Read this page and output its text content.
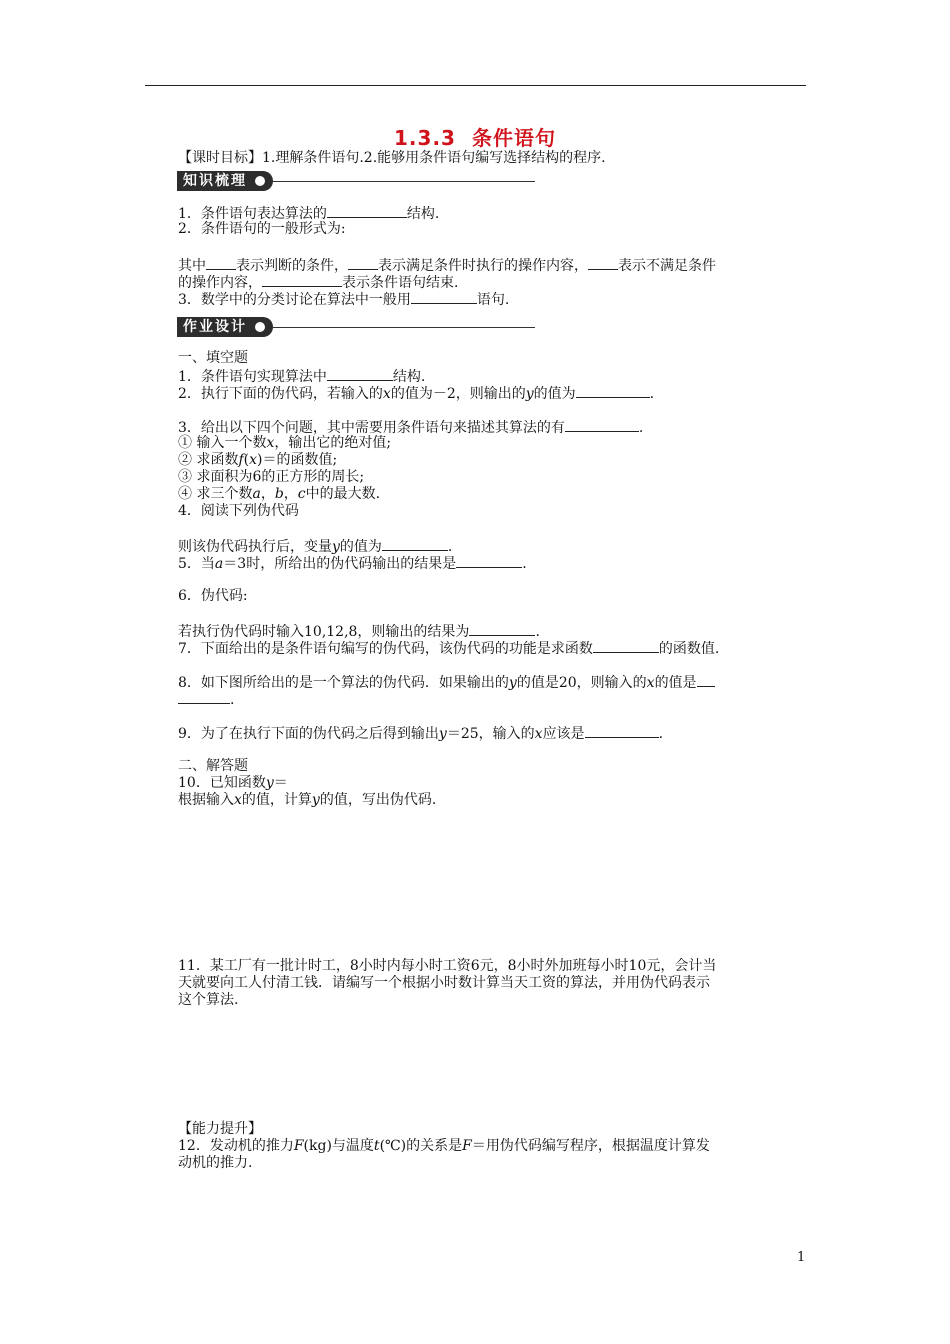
1.3.3 条件语句
【课时目标】1.理解条件语句.2.能够用条件语句编写选择结构的程序.
知识梳理
1．条件语句表达算法的	结构.
2．条件语句的一般形式为:
其中 表示判断的条件， 表示满足条件时执行的操作内容， 表示不满足条件
的操作内容，	表示条件语句结束.
3．数学中的分类讨论在算法中一般用	语句.
作业设计
一、填空题
1．条件语句实现算法中	结构.
2．执行下面的伪代码，若输入的x的值为－2，则输出的y的值为	.
3．给出以下四个问题，其中需要用条件语句来描述其算法的有	.
① 输入一个数x，输出它的绝对值;
② 求函数f(x)＝的函数值;
③ 求面积为6的正方形的周长;
④ 求三个数a，b，c中的最大数.
4．阅读下列伪代码
则该伪代码执行后，变量y的值为	.
5．当a＝3时，所给出的伪代码输出的结果是	.
6．伪代码:
若执行伪代码时输入10,12,8，则输出的结果为	.
7．下面给出的是条件语句编写的伪代码，该伪代码的功能是求函数	的函数值.
8．如下图所给出的是一个算法的伪代码．如果输出的y的值是20，则输入的x的值是
.
9．为了在执行下面的伪代码之后得到输出y＝25，输入的x应该是	.
二、解答题
10．已知函数y＝
根据输入x的值，计算y的值，写出伪代码.
11．某工厂有一批计时工，8小时内每小时工资6元，8小时外加班每小时10元，会计当
天就要向工人付清工钱．请编写一个根据小时数计算当天工资的算法，并用伪代码表示
这个算法.
【能力提升】
12．发动机的推力F(kg)与温度t(℃)的关系是F＝用伪代码编写程序，根据温度计算发
动机的推力.
1
